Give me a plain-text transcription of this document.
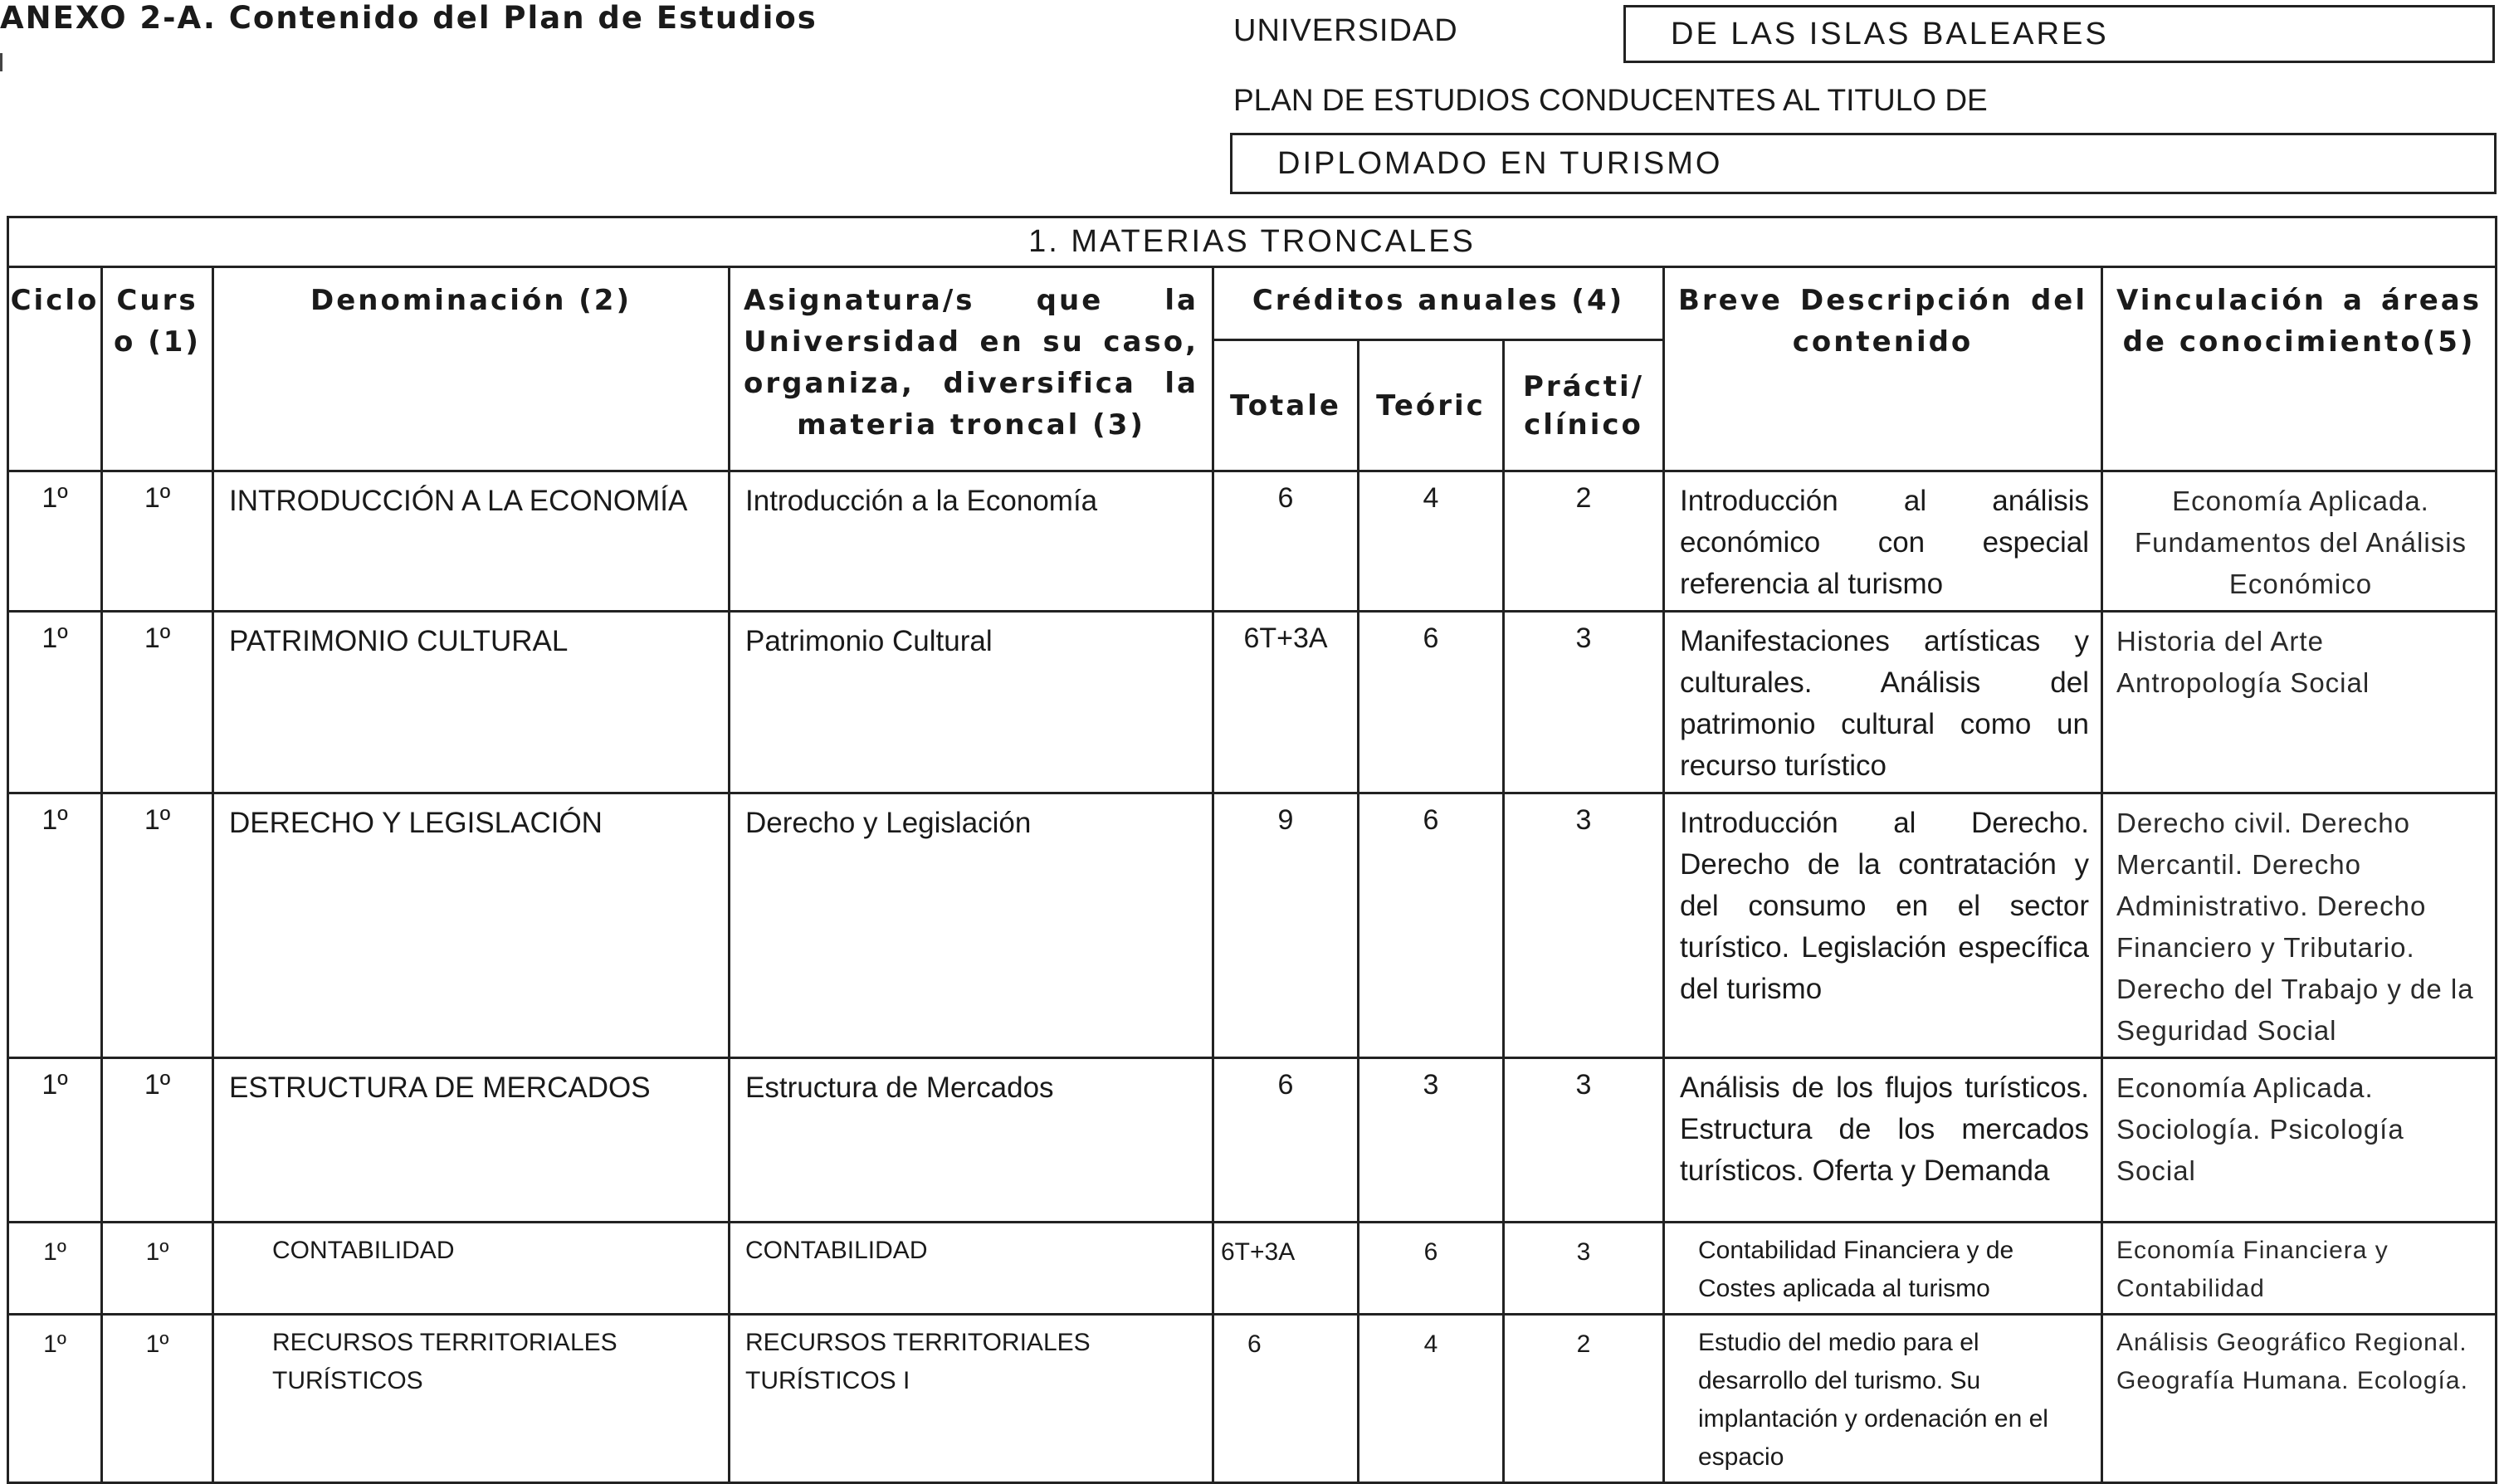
ANEXO 2-A. Contenido del Plan de Estudios	UNIVERSIDAD	DE LAS ISLAS BALEARES
PLAN DE ESTUDIOS CONDUCENTES AL TITULO DE
DIPLOMADO EN TURISMO
1. MATERIAS TRONCALES								
Ciclo	Curs o (1)	Denominación (2)	Asignatura/s que la Universidad en su caso, organiza, diversifica la materia troncal (3)	Créditos anuales (4)			Breve Descripción del contenido	Vinculación a áreas de conocimiento(5)
				Totale	Teóric	Prácti/ clínico		
1º	1º	INTRODUCCIÓN A LA ECONOMÍA	Introducción a la Economía	6	4	2	Introducción al análisis económico con especial referencia al turismo	Economía Aplicada. Fundamentos del Análisis Económico
1º	1º	PATRIMONIO CULTURAL	Patrimonio Cultural	6T+3A	6	3	Manifestaciones artísticas y culturales. Análisis del patrimonio cultural como un recurso turístico	Historia del Arte Antropología Social
1º	1º	DERECHO Y LEGISLACIÓN	Derecho y Legislación	9	6	3	Introducción al Derecho. Derecho de la contratación y del consumo en el sector turístico. Legislación específica del turismo	Derecho civil. Derecho Mercantil. Derecho Administrativo. Derecho Financiero y Tributario. Derecho del Trabajo y de la Seguridad Social
1º	1º	ESTRUCTURA DE MERCADOS	Estructura de Mercados	6	3	3	Análisis de los flujos turísticos. Estructura de los mercados turísticos. Oferta y Demanda	Economía Aplicada. Sociología. Psicología Social
1º	1º	CONTABILIDAD	CONTABILIDAD	6T+3A	6	3	Contabilidad Financiera y de Costes aplicada al turismo	Economía Financiera y Contabilidad
1º	1º	RECURSOS TERRITORIALES TURÍSTICOS	RECURSOS TERRITORIALES TURÍSTICOS I	6	4	2	Estudio del medio para el desarrollo del turismo. Su implantación y ordenación en el espacio	Análisis Geográfico Regional. Geografía Humana. Ecología.
